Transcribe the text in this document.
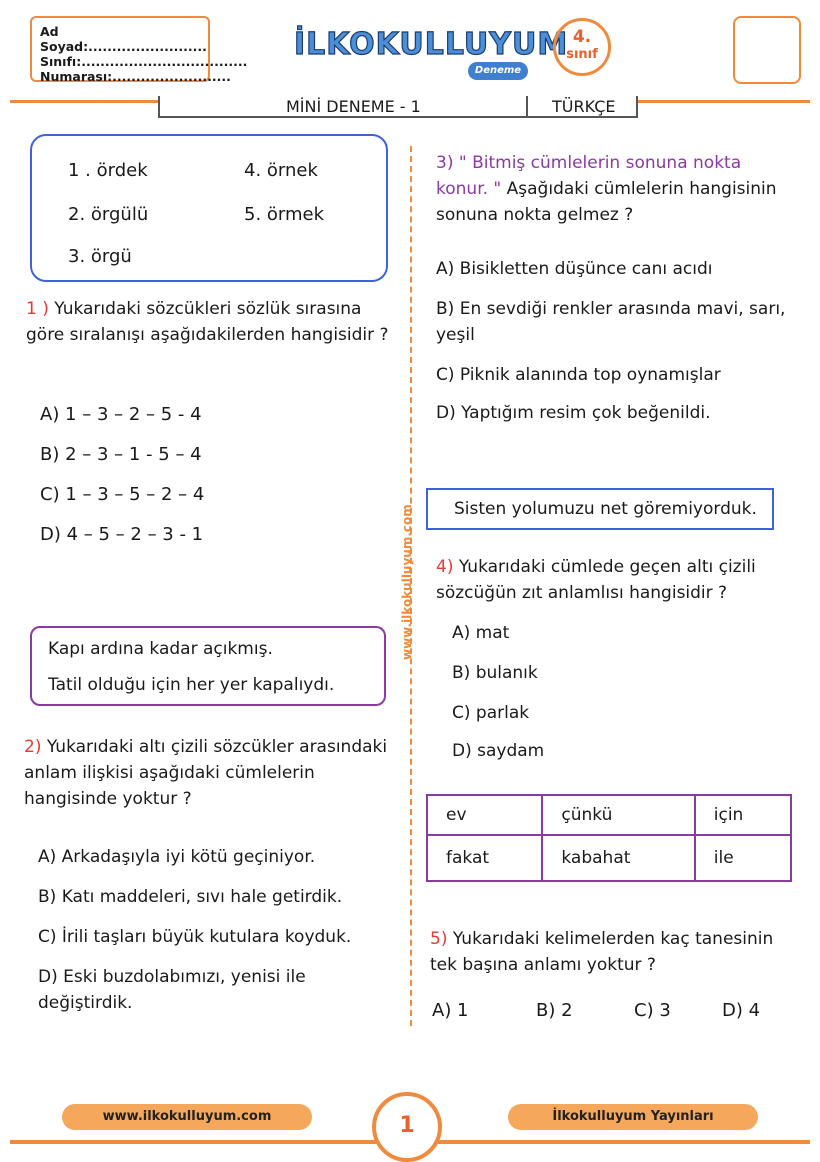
Ad Soyad:.........................
Sınıfı:...................................
Numarası:.........................
İLKOKULLUYUM
Deneme
4.
sınıf
MİNİ DENEME - 1	TÜRKÇE
www.ilkokulluyum.com
1 . ördek
2. örgülü
3. örgü
4. örnek
5. örmek
1 ) Yukarıdaki sözcükleri sözlük sırasına göre sıralanışı aşağıdakilerden hangisidir ?
A) 1 – 3 – 2 – 5 - 4
B) 2 – 3 – 1 - 5 – 4
C) 1 – 3 – 5 – 2 – 4
D) 4 – 5 – 2 – 3 - 1
Kapı ardına kadar açıkmış.
Tatil olduğu için her yer kapalıydı.
2) Yukarıdaki altı çizili sözcükler arasındaki anlam ilişkisi aşağıdaki cümlelerin hangisinde yoktur ?
A) Arkadaşıyla iyi kötü geçiniyor.
B) Katı maddeleri, sıvı hale getirdik.
C) İrili taşları büyük kutulara koyduk.
D) Eski buzdolabımızı, yenisi ile değiştirdik.
3) " Bitmiş cümlelerin sonuna nokta konur. " Aşağıdaki cümlelerin hangisinin sonuna nokta gelmez ?
A) Bisikletten düşünce canı acıdı
B) En sevdiği renkler arasında mavi, sarı, yeşil
C) Piknik alanında top oynamışlar
D) Yaptığım resim çok beğenildi.
Sisten yolumuzu net göremiyorduk.
4) Yukarıdaki cümlede geçen altı çizili sözcüğün zıt anlamlısı hangisidir ?
A) mat
B) bulanık
C) parlak
D) saydam
ev	çünkü	için
fakat	kabahat	ile
5) Yukarıdaki kelimelerden kaç tanesinin tek başına anlamı yoktur ?
A) 1	B) 2	C) 3	D) 4
www.ilkokulluyum.com	1	İlkokulluyum Yayınları
